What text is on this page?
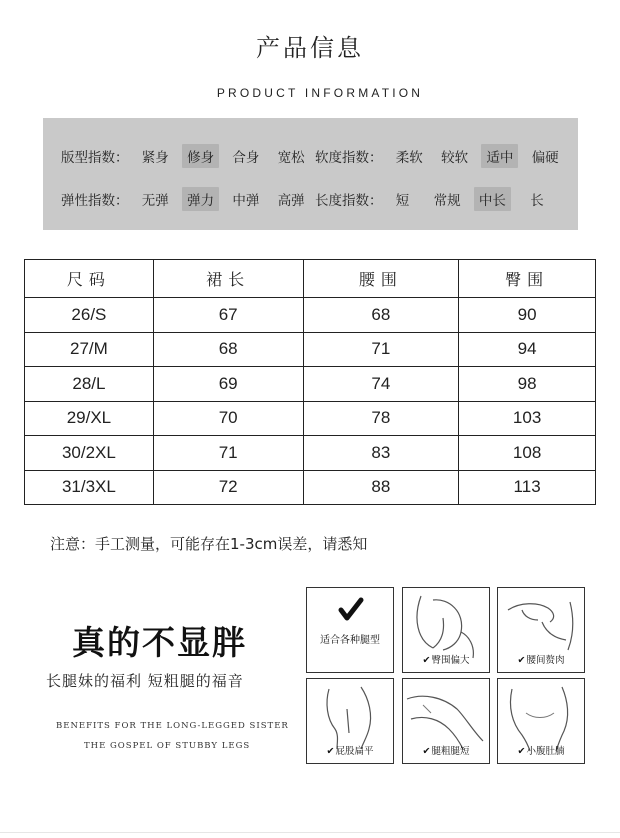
产品信息
PRODUCT INFORMATION
版型指数： 紧身 修身 合身 宽松 软度指数： 柔软 较软 适中 偏硬
弹性指数： 无弹 弹力 中弹 高弹 长度指数： 短 常规 中长 长
尺码	裙长	腰围	臀围
26/S	67	68	90
27/M	68	71	94
28/L	69	74	98
29/XL	70	78	103
30/2XL	71	83	108
31/3XL	72	88	113
注意：手工测量，可能存在1-3cm误差，请悉知
真的不显胖
长腿妹的福利 短粗腿的福音
BENEFITS FOR THE LONG-LEGGED SISTER
THE GOSPEL OF STUBBY LEGS
适合各种腿型
✔臀围偏大	✔腰间赘肉
✔屁股扁平	✔腿粗腿短	✔小腹肚腩
